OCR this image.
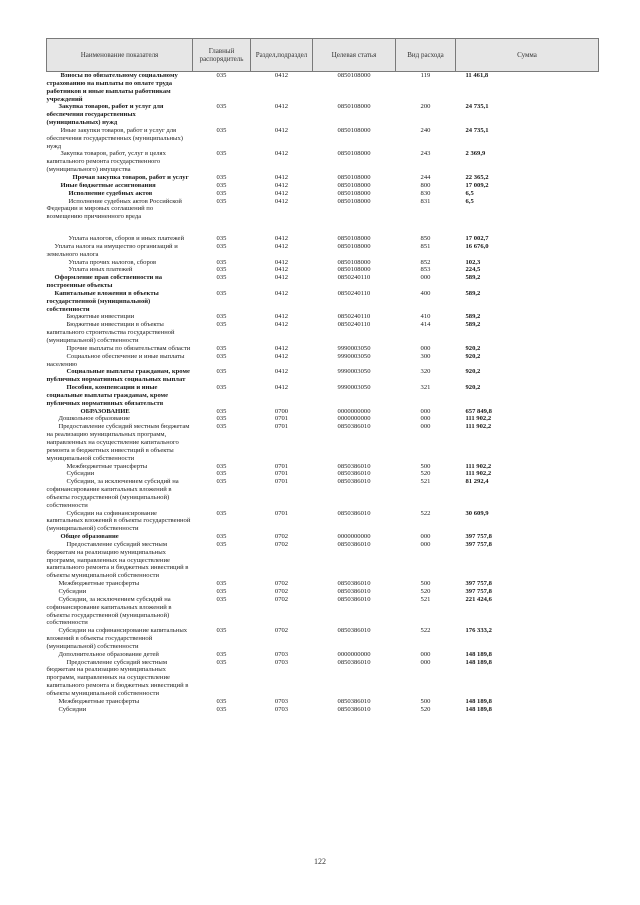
Наименование показателя	Главный распорядитель	Раздел,подраздел	Целевая статья	Вид расхода	Сумма

Взносы по обязательному социальному страхованию на выплаты по оплате труда работников и иные выплаты работникам учреждений	035	0412	0850108000	119	11 461,8

Закупка товаров, работ и услуг для обеспечения государственных (муниципальных) нужд	035	0412	0850108000	200	24 735,1

Иные закупки товаров, работ и услуг для обеспечения государственных (муниципальных) нужд	035	0412	0850108000	240	24 735,1

Закупка товаров, работ, услуг в целях капитального ремонта государственного (муниципального) имущества	035	0412	0850108000	243	2 369,9

Прочая закупка товаров, работ и услуг	035	0412	0850108000	244	22 365,2

Иные бюджетные ассигнования	035	0412	0850108000	800	17 009,2

Исполнение судебных актов	035	0412	0850108000	830	6,5

Исполнение судебных актов Российской Федерации и мировых соглашений по возмещению причиненного вреда	035	0412	0850108000	831	6,5

Уплата налогов, сборов и иных платежей	035	0412	0850108000	850	17 002,7

Уплата налога на имущество организаций и земельного налога	035	0412	0850108000	851	16 676,0

Уплата прочих налогов, сборов	035	0412	0850108000	852	102,3

Уплата иных платежей	035	0412	0850108000	853	224,5

Оформление прав собственности на построенные объекты	035	0412	0850240110	000	589,2

Капитальные вложения в объекты государственной (муниципальной) собственности	035	0412	0850240110	400	589,2

Бюджетные инвестиции	035	0412	0850240110	410	589,2

Бюджетные инвестиции в объекты капитального строительства государственной (муниципальной) собственности	035	0412	0850240110	414	589,2

Прочие выплаты по обязательствам области	035	0412	9990003050	000	920,2

Социальное обеспечение и иные выплаты населению	035	0412	9990003050	300	920,2

Социальные выплаты гражданам, кроме публичных нормативных социальных выплат	035	0412	9990003050	320	920,2

Пособия, компенсации и иные социальные выплаты гражданам, кроме публичных нормативных обязательств	035	0412	9990003050	321	920,2

ОБРАЗОВАНИЕ	035	0700	0000000000	000	657 849,8

Дошкольное образование	035	0701	0000000000	000	111 902,2

Предоставление субсидий местным бюджетам на реализацию муниципальных программ, направленных на осуществление капитального ремонта и бюджетных инвестиций в объекты муниципальной собственности	035	0701	0850386010	000	111 902,2

Межбюджетные трансферты	035	0701	0850386010	500	111 902,2

Субсидии	035	0701	0850386010	520	111 902,2

Субсидии, за исключением субсидий на софинансирование капитальных вложений в объекты государственной (муниципальной) собственности	035	0701	0850386010	521	81 292,4

Субсидии на софинансирование капитальных вложений в объекты государственной (муниципальной) собственности	035	0701	0850386010	522	30 609,9

Общее образование	035	0702	0000000000	000	397 757,8

Предоставление субсидий местным бюджетам на реализацию муниципальных программ, направленных на осуществление капитального ремонта и бюджетных инвестиций в объекты муниципальной собственности	035	0702	0850386010	000	397 757,8

Межбюджетные трансферты	035	0702	0850386010	500	397 757,8

Субсидии	035	0702	0850386010	520	397 757,8

Субсидии, за исключением субсидий на софинансирование капитальных вложений в объекты государственной (муниципальной) собственности	035	0702	0850386010	521	221 424,6

Субсидии на софинансирование капитальных вложений в объекты государственной (муниципальной) собственности	035	0702	0850386010	522	176 333,2

Дополнительное образование детей	035	0703	0000000000	000	148 189,8

Предоставление субсидий местным бюджетам на реализацию муниципальных программ, направленных на осуществление капитального ремонта и бюджетных инвестиций в объекты муниципальной собственности	035	0703	0850386010	000	148 189,8

Межбюджетные трансферты	035	0703	0850386010	500	148 189,8

Субсидии	035	0703	0850386010	520	148 189,8
122
